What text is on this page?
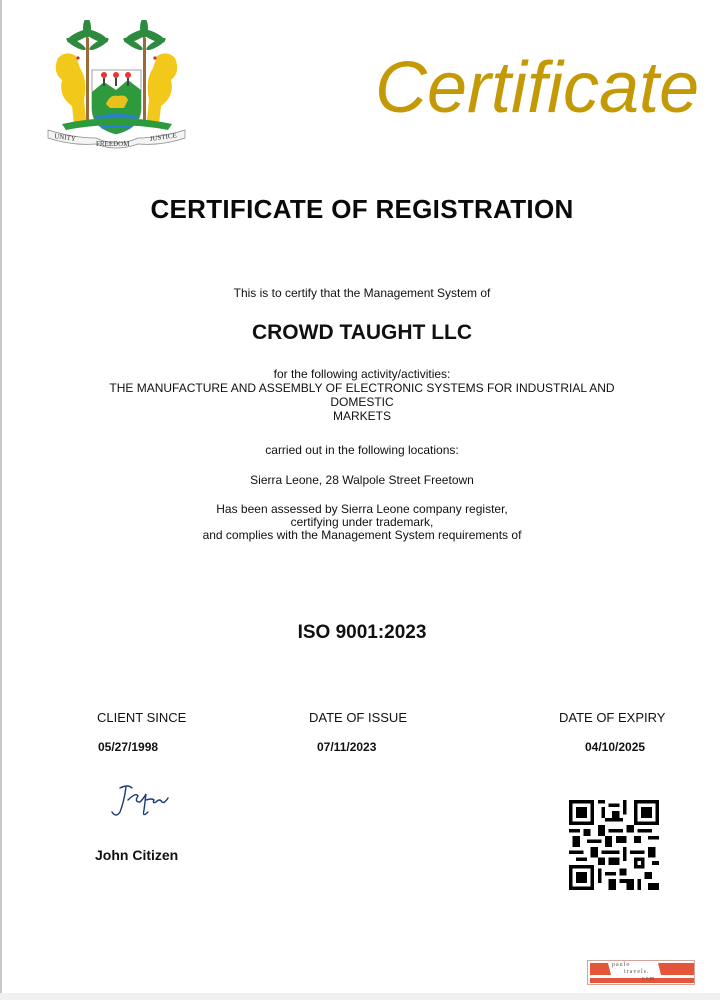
UNITY
FREEDOM
JUSTICE
Certificate
CERTIFICATE OF REGISTRATION
This is to certify that the Management System of
CROWD TAUGHT LLC
for the following activity/activities:
THE MANUFACTURE AND ASSEMBLY OF ELECTRONIC SYSTEMS FOR INDUSTRIAL AND
DOMESTIC
MARKETS
carried out in the following locations:
Sierra Leone, 28 Walpole Street Freetown
Has been assessed by Sierra Leone company register,
certifying under trademark,
and complies with the Management System requirements of
ISO 9001:2023
CLIENT SINCE	DATE OF ISSUE	DATE OF EXPIRY
05/27/1998	07/11/2023	04/10/2025
John Citizen
paulo
travels.
com
